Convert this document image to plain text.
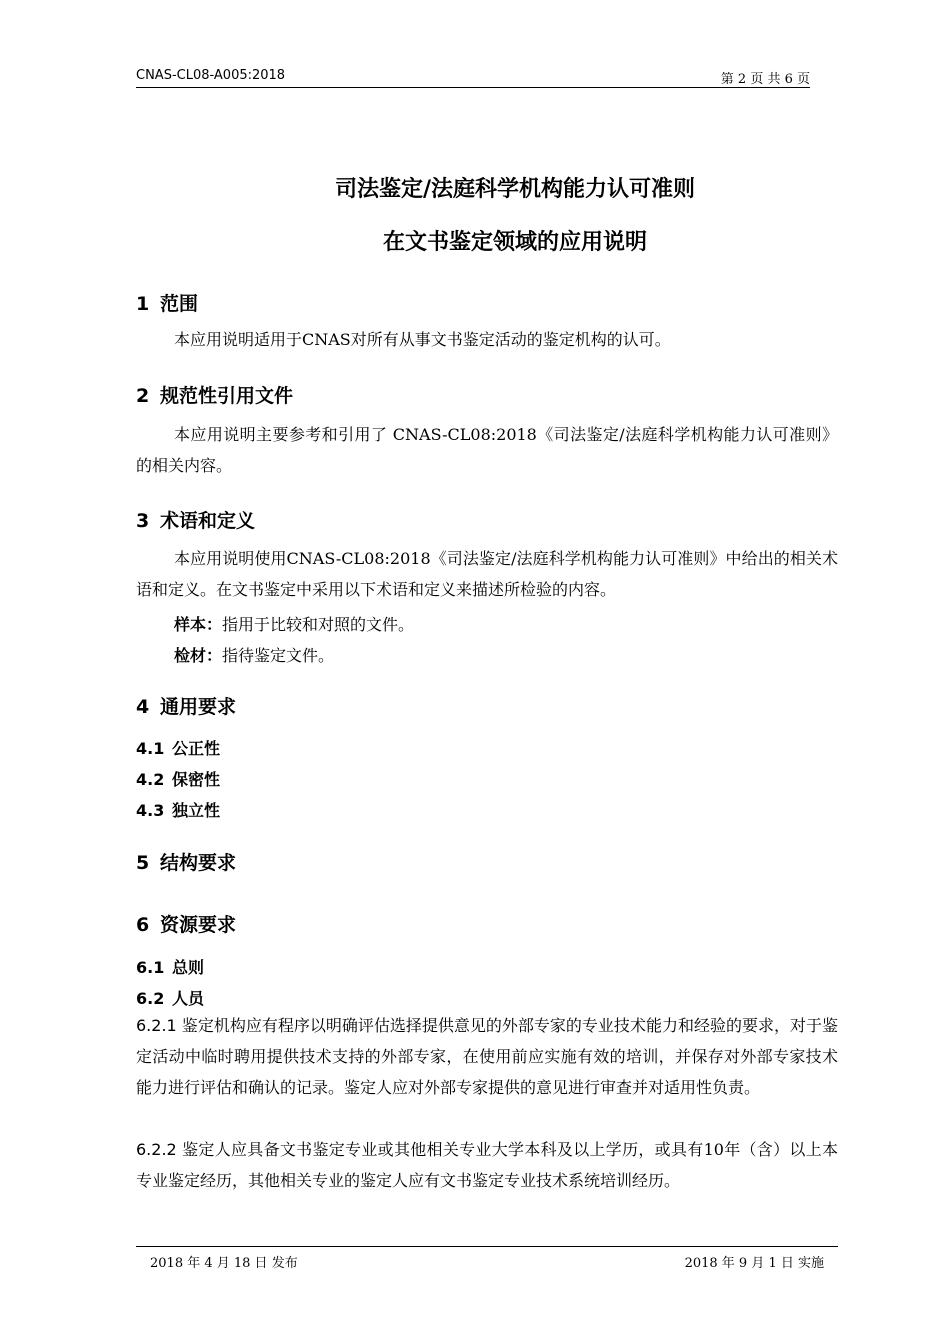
CNAS-CL08-A005:2018	第 2 页 共 6 页
司法鉴定/法庭科学机构能力认可准则
在文书鉴定领域的应用说明
1 范围
本应用说明适用于CNAS对所有从事文书鉴定活动的鉴定机构的认可。
2 规范性引用文件
本应用说明主要参考和引用了 CNAS-CL08:2018《司法鉴定/法庭科学机构能力认可准则》的相关内容。
3 术语和定义
本应用说明使用CNAS-CL08:2018《司法鉴定/法庭科学机构能力认可准则》中给出的相关术语和定义。在文书鉴定中采用以下术语和定义来描述所检验的内容。
样本：指用于比较和对照的文件。
检材：指待鉴定文件。
4 通用要求
4.1 公正性
4.2 保密性
4.3 独立性
5 结构要求
6 资源要求
6.1 总则
6.2 人员
6.2.1 鉴定机构应有程序以明确评估选择提供意见的外部专家的专业技术能力和经验的要求，对于鉴定活动中临时聘用提供技术支持的外部专家，在使用前应实施有效的培训，并保存对外部专家技术能力进行评估和确认的记录。鉴定人应对外部专家提供的意见进行审查并对适用性负责。
6.2.2 鉴定人应具备文书鉴定专业或其他相关专业大学本科及以上学历，或具有10年（含）以上本专业鉴定经历，其他相关专业的鉴定人应有文书鉴定专业技术系统培训经历。
2018 年 4 月 18 日 发布	2018 年 9 月 1 日 实施
